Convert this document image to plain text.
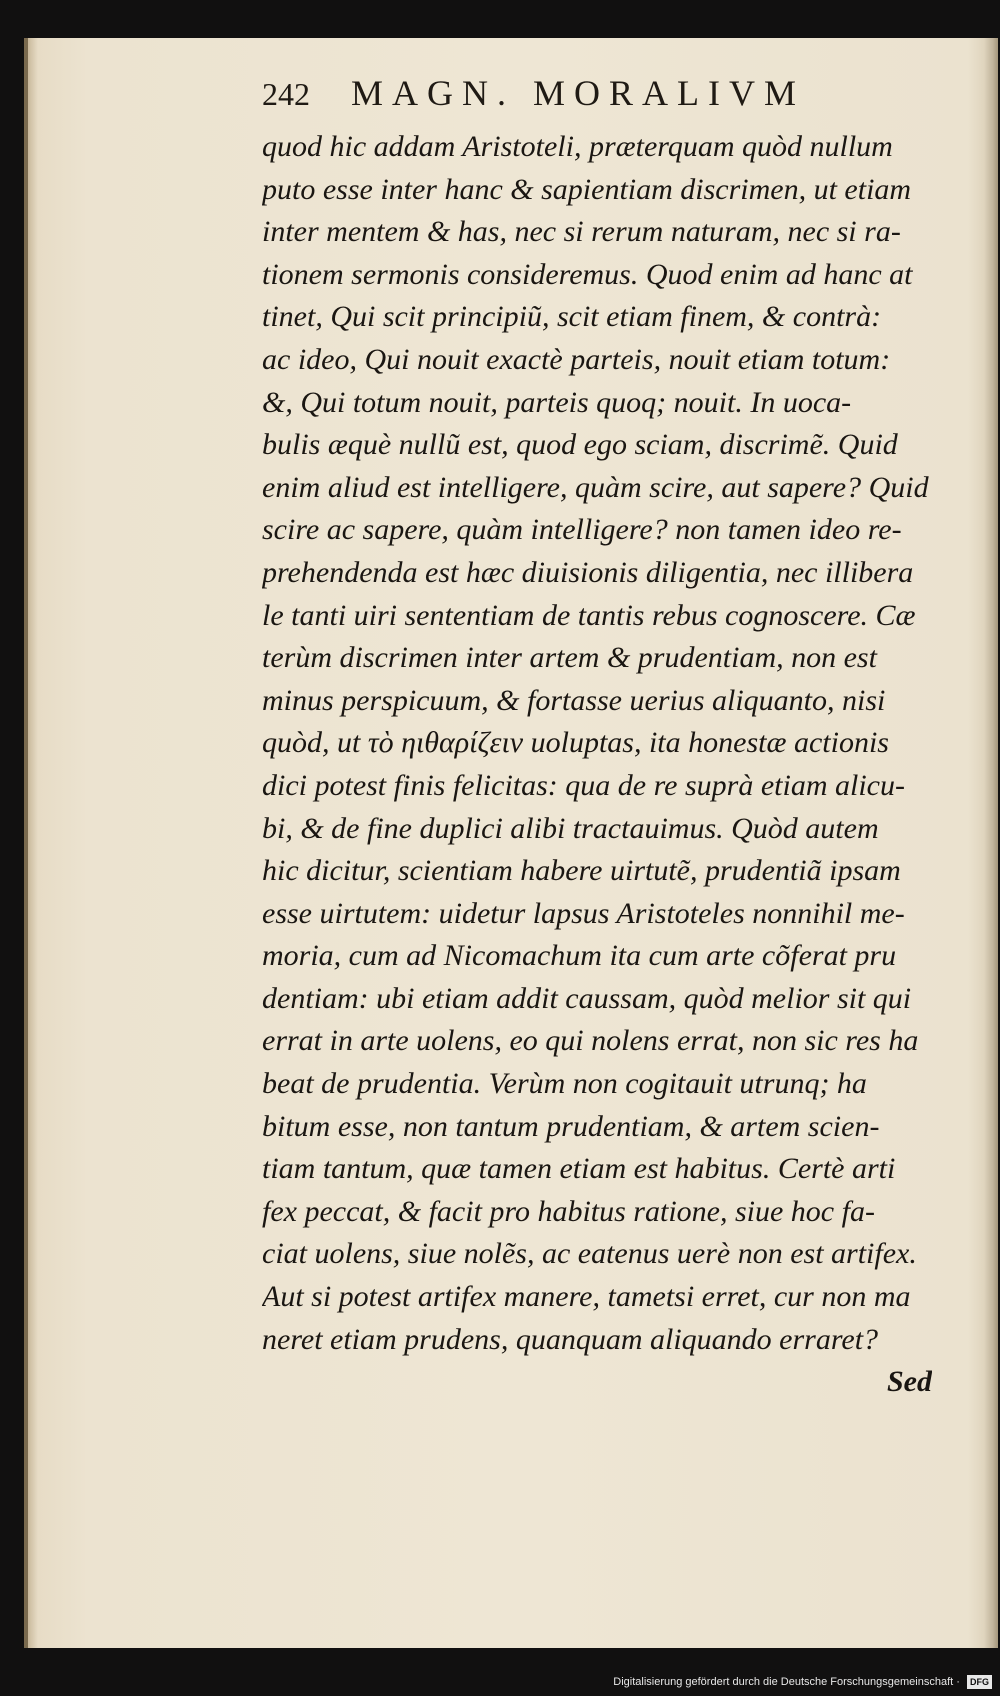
242 MAGN. MORALIVM
quod hic addam Aristoteli, præterquam quòd nullum
puto esse inter hanc & sapientiam discrimen, ut etiam
inter mentem & has, nec si rerum naturam, nec si ra-
tionem sermonis consideremus. Quod enim ad hanc at
tinet, Qui scit principiũ, scit etiam finem, & contrà:
ac ideo, Qui nouit exactè parteis, nouit etiam totum:
&, Qui totum nouit, parteis quoq; nouit. In uoca-
bulis æquè nullũ est, quod ego sciam, discrimẽ. Quid
enim aliud est intelligere, quàm scire, aut sapere? Quid
scire ac sapere, quàm intelligere? non tamen ideo re-
prehendenda est hæc diuisionis diligentia, nec illibera
le tanti uiri sententiam de tantis rebus cognoscere. Cæ
terùm discrimen inter artem & prudentiam, non est
minus perspicuum, & fortasse uerius aliquanto, nisi
quòd, ut τὸ ηιθαρίζειν uoluptas, ita honestæ actionis
dici potest finis felicitas: qua de re suprà etiam alicu-
bi, & de fine duplici alibi tractauimus. Quòd autem
hic dicitur, scientiam habere uirtutẽ, prudentiã ipsam
esse uirtutem: uidetur lapsus Aristoteles nonnihil me-
moria, cum ad Nicomachum ita cum arte cõferat pru
dentiam: ubi etiam addit caussam, quòd melior sit qui
errat in arte uolens, eo qui nolens errat, non sic res ha
beat de prudentia. Verùm non cogitauit utrunq; ha
bitum esse, non tantum prudentiam, & artem scien-
tiam tantum, quæ tamen etiam est habitus. Certè arti
fex peccat, & facit pro habitus ratione, siue hoc fa-
ciat uolens, siue nolẽs, ac eatenus uerè non est artifex.
Aut si potest artifex manere, tametsi erret, cur non ma
neret etiam prudens, quanquam aliquando erraret?
Sed
Digitalisierung gefördert durch die Deutsche Forschungsgemeinschaft · DFG
